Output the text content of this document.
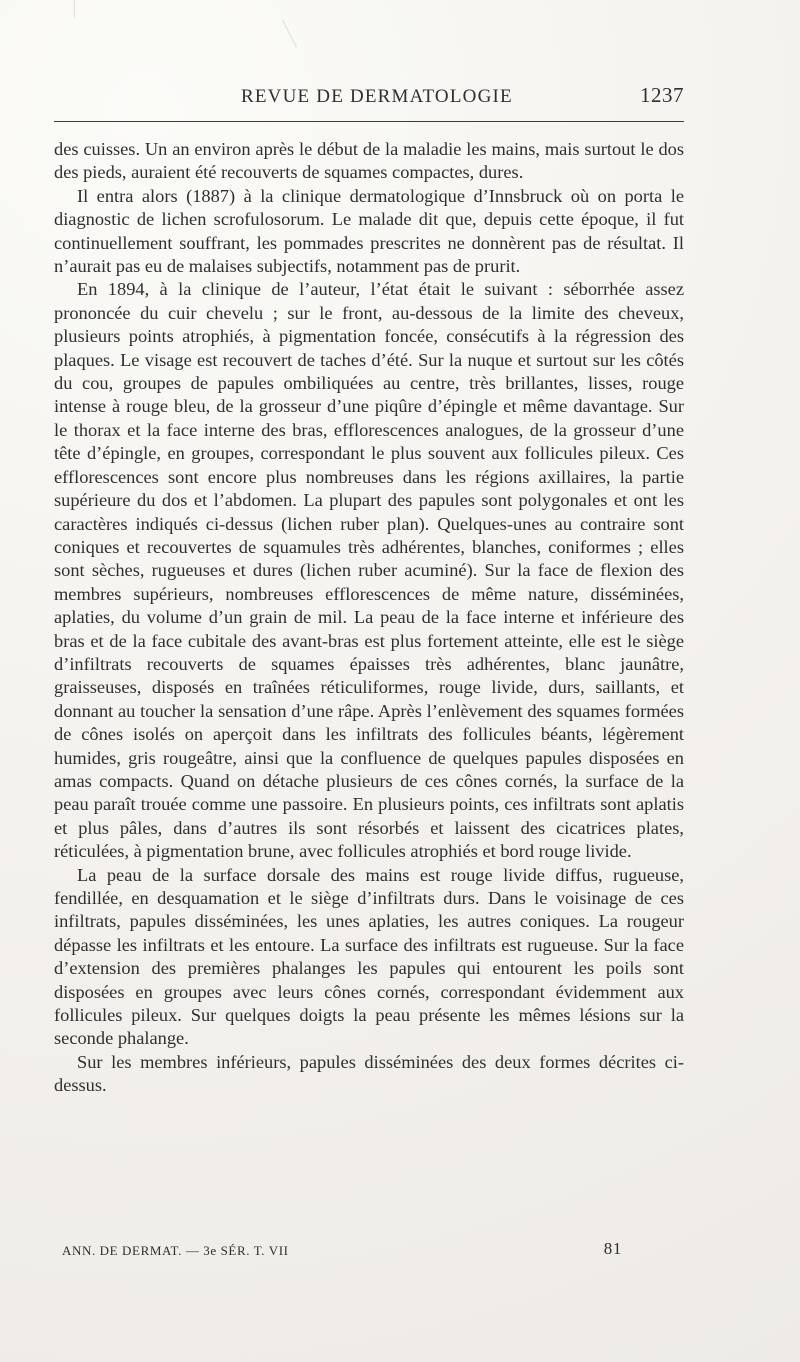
REVUE DE DERMATOLOGIE	1237

des cuisses. Un an environ après le début de la maladie les mains, mais surtout le dos des pieds, auraient été recouverts de squames compactes, dures.

Il entra alors (1887) à la clinique dermatologique d’Innsbruck où on porta le diagnostic de lichen scrofulosorum. Le malade dit que, depuis cette époque, il fut continuellement souffrant, les pommades prescrites ne donnèrent pas de résultat. Il n’aurait pas eu de malaises subjectifs, notamment pas de prurit.

En 1894, à la clinique de l’auteur, l’état était le suivant : séborrhée assez prononcée du cuir chevelu ; sur le front, au-dessous de la limite des cheveux, plusieurs points atrophiés, à pigmentation foncée, consécutifs à la régression des plaques. Le visage est recouvert de taches d’été. Sur la nuque et surtout sur les côtés du cou, groupes de papules ombiliquées au centre, très brillantes, lisses, rouge intense à rouge bleu, de la grosseur d’une piqûre d’épingle et même davantage. Sur le thorax et la face interne des bras, efflorescences analogues, de la grosseur d’une tête d’épingle, en groupes, correspondant le plus souvent aux follicules pileux. Ces efflorescences sont encore plus nombreuses dans les régions axillaires, la partie supérieure du dos et l’abdomen. La plupart des papules sont polygonales et ont les caractères indiqués ci-dessus (lichen ruber plan). Quelques-unes au contraire sont coniques et recouvertes de squamules très adhérentes, blanches, coniformes ; elles sont sèches, rugueuses et dures (lichen ruber acuminé). Sur la face de flexion des membres supérieurs, nombreuses efflorescences de même nature, disséminées, aplaties, du volume d’un grain de mil. La peau de la face interne et inférieure des bras et de la face cubitale des avant-bras est plus fortement atteinte, elle est le siège d’infiltrats recouverts de squames épaisses très adhérentes, blanc jaunâtre, graisseuses, disposés en traînées réticuliformes, rouge livide, durs, saillants, et donnant au toucher la sensation d’une râpe. Après l’enlèvement des squames formées de cônes isolés on aperçoit dans les infiltrats des follicules béants, légèrement humides, gris rougeâtre, ainsi que la confluence de quelques papules disposées en amas compacts. Quand on détache plusieurs de ces cônes cornés, la surface de la peau paraît trouée comme une passoire. En plusieurs points, ces infiltrats sont aplatis et plus pâles, dans d’autres ils sont résorbés et laissent des cicatrices plates, réticulées, à pigmentation brune, avec follicules atrophiés et bord rouge livide.

La peau de la surface dorsale des mains est rouge livide diffus, rugueuse, fendillée, en desquamation et le siège d’infiltrats durs. Dans le voisinage de ces infiltrats, papules disséminées, les unes aplaties, les autres coniques. La rougeur dépasse les infiltrats et les entoure. La surface des infiltrats est rugueuse. Sur la face d’extension des premières phalanges les papules qui entourent les poils sont disposées en groupes avec leurs cônes cornés, correspondant évidemment aux follicules pileux. Sur quelques doigts la peau présente les mêmes lésions sur la seconde phalange.

Sur les membres inférieurs, papules disséminées des deux formes décrites ci-dessus.

ANN. DE DERMAT. — 3e SÉR. T. VII	81
